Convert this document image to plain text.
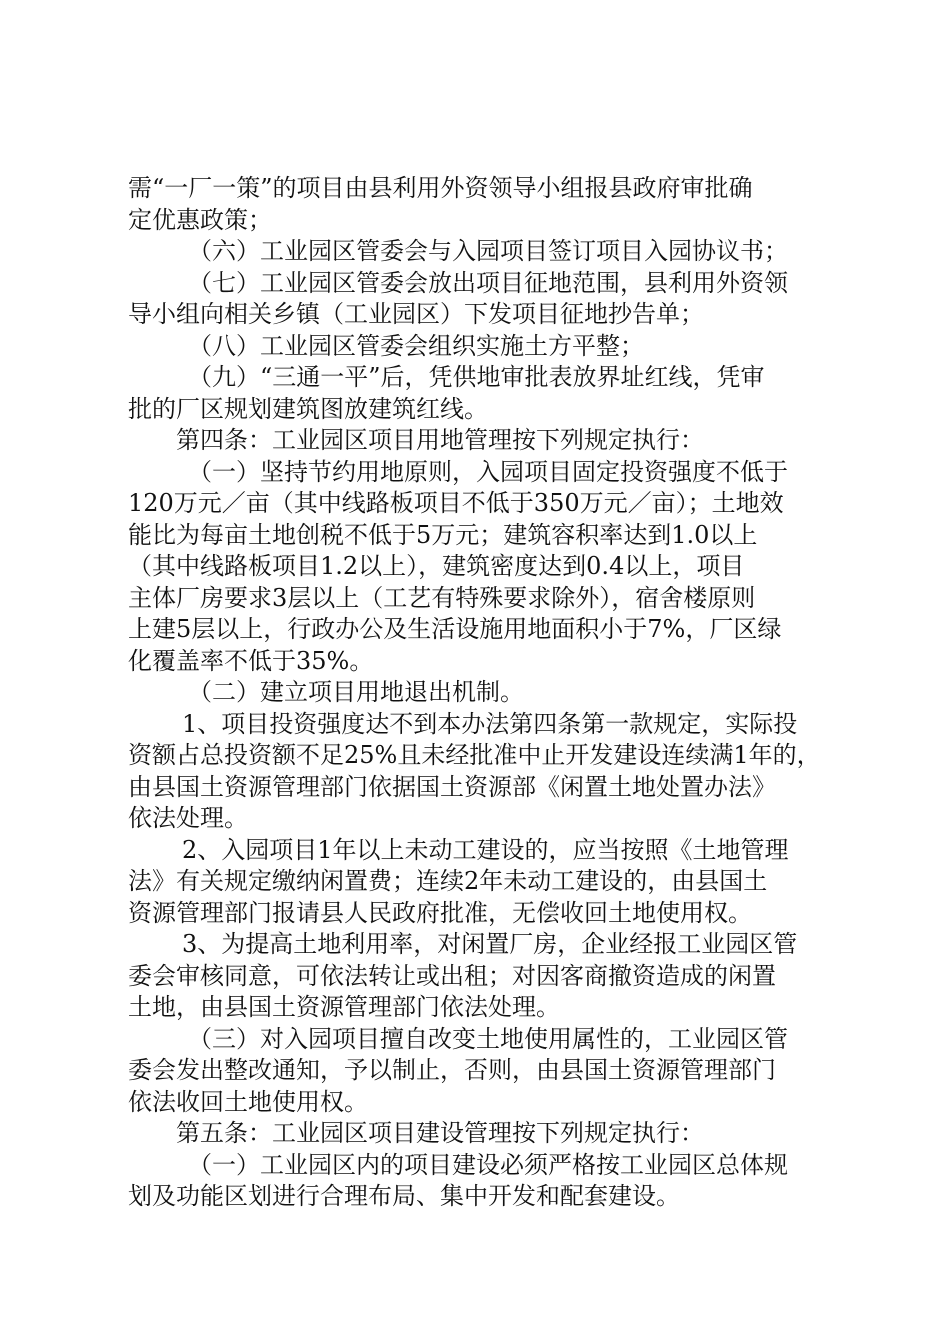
需“一厂一策”的项目由县利用外资领导小组报县政府审批确
定优惠政策；
（六）工业园区管委会与入园项目签订项目入园协议书；
（七）工业园区管委会放出项目征地范围，县利用外资领
导小组向相关乡镇（工业园区）下发项目征地抄告单；
（八）工业园区管委会组织实施土方平整；
（九）“三通一平”后，凭供地审批表放界址红线，凭审
批的厂区规划建筑图放建筑红线。
第四条：工业园区项目用地管理按下列规定执行：
（一）坚持节约用地原则，入园项目固定投资强度不低于
120万元／亩（其中线路板项目不低于350万元／亩）；土地效
能比为每亩土地创税不低于5万元；建筑容积率达到1.0以上
（其中线路板项目1.2以上），建筑密度达到0.4以上，项目
主体厂房要求3层以上（工艺有特殊要求除外），宿舍楼原则
上建5层以上，行政办公及生活设施用地面积小于7%，厂区绿
化覆盖率不低于35%。
（二）建立项目用地退出机制。
1、项目投资强度达不到本办法第四条第一款规定，实际投
资额占总投资额不足25%且未经批准中止开发建设连续满1年的，
由县国土资源管理部门依据国土资源部《闲置土地处置办法》
依法处理。
2、入园项目1年以上未动工建设的，应当按照《土地管理
法》有关规定缴纳闲置费；连续2年未动工建设的，由县国土
资源管理部门报请县人民政府批准，无偿收回土地使用权。
3、为提高土地利用率，对闲置厂房，企业经报工业园区管
委会审核同意，可依法转让或出租；对因客商撤资造成的闲置
土地，由县国土资源管理部门依法处理。
（三）对入园项目擅自改变土地使用属性的，工业园区管
委会发出整改通知，予以制止，否则，由县国土资源管理部门
依法收回土地使用权。
第五条：工业园区项目建设管理按下列规定执行：
（一）工业园区内的项目建设必须严格按工业园区总体规
划及功能区划进行合理布局、集中开发和配套建设。
